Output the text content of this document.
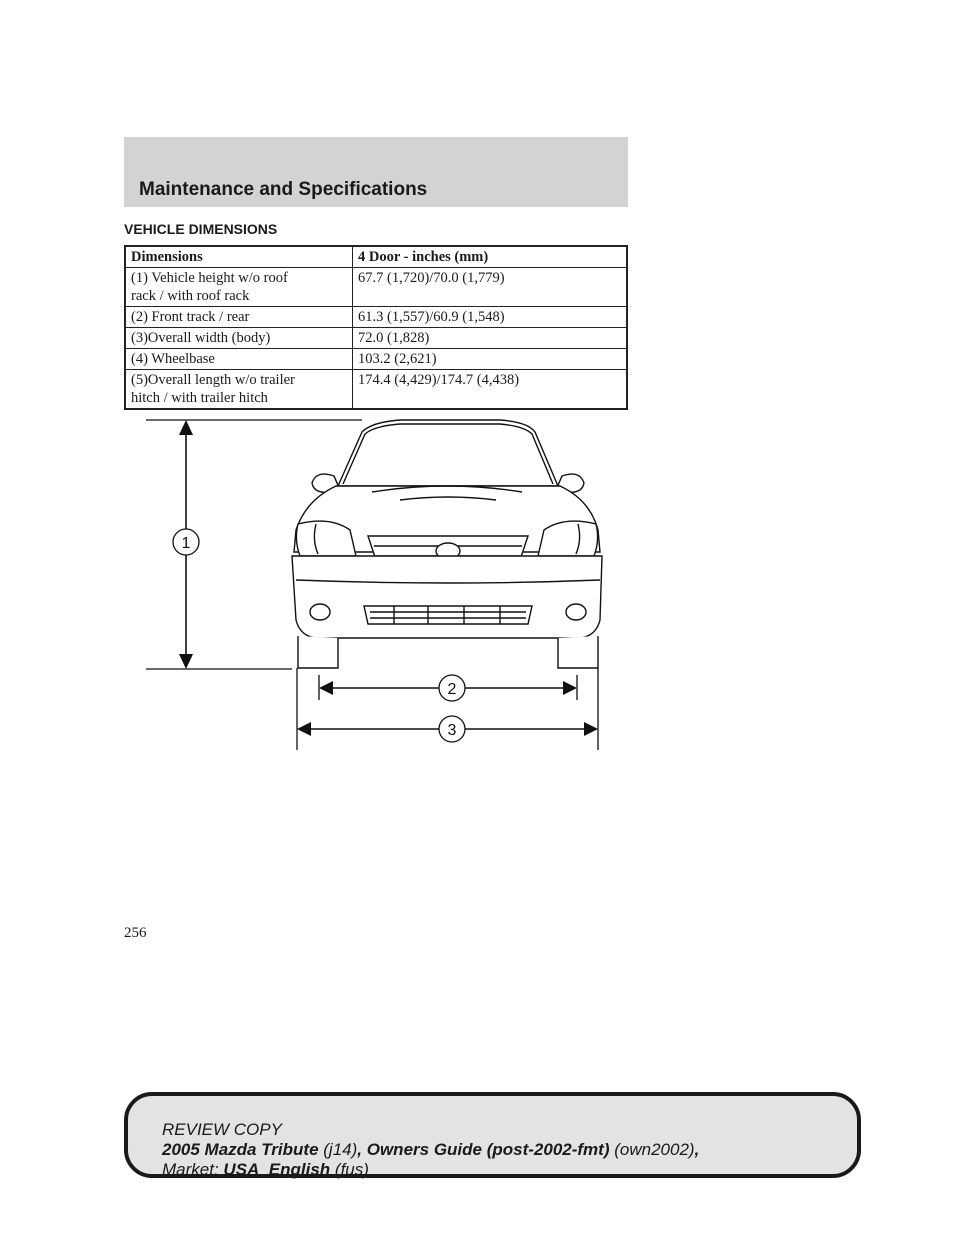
Maintenance and Specifications
VEHICLE DIMENSIONS
Dimensions	4 Door - inches (mm)
(1) Vehicle height w/o roof
rack / with roof rack	67.7 (1,720)/70.0 (1,779)
(2) Front track / rear	61.3 (1,557)/60.9 (1,548)
(3)Overall width (body)	72.0 (1,828)
(4) Wheelbase	103.2 (2,621)
(5)Overall length w/o trailer
hitch / with trailer hitch	174.4 (4,429)/174.7 (4,438)
1
2
3
256
REVIEW COPY
2005 Mazda Tribute (j14), Owners Guide (post-2002-fmt) (own2002),
Market: USA_English (fus)
